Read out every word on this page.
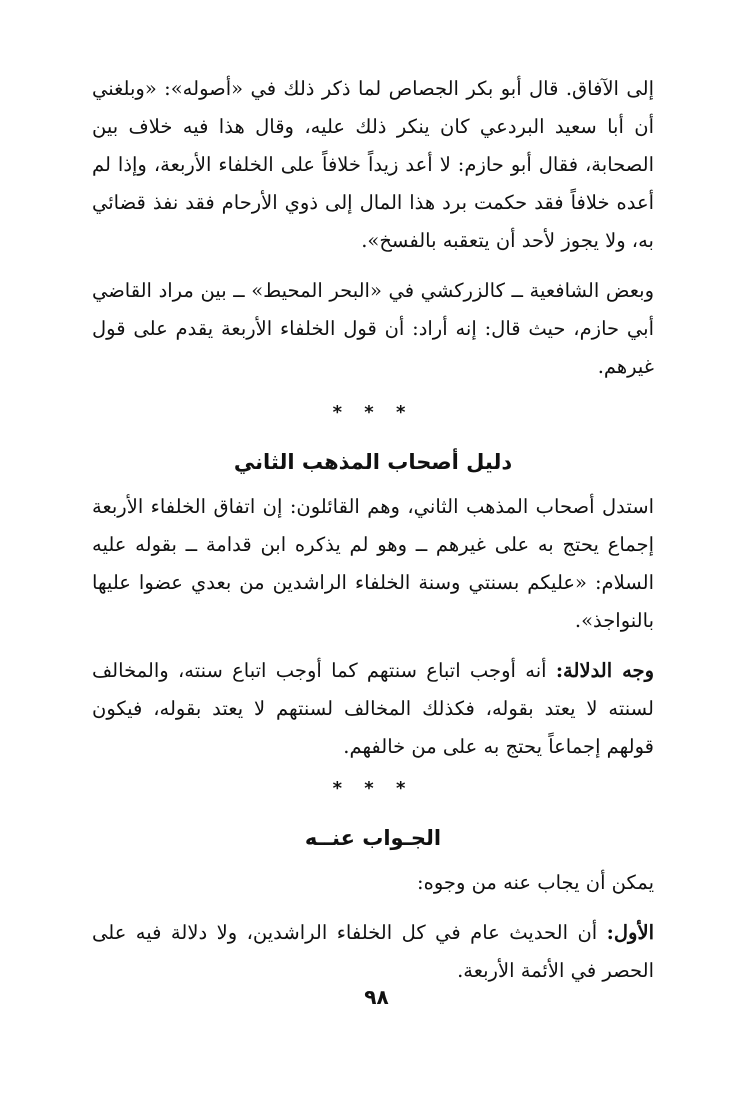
إلى الآفاق. قال أبو بكر الجصاص لما ذكر ذلك في «أصوله»: «وبلغني أن أبا سعيد البردعي كان ينكر ذلك عليه، وقال هذا فيه خلاف بين الصحابة، فقال أبو حازم: لا أعد زيداً خلافاً على الخلفاء الأربعة، وإذا لم أعده خلافاً فقد حكمت برد هذا المال إلى ذوي الأرحام فقد نفذ قضائي به، ولا يجوز لأحد أن يتعقبه بالفسخ».

وبعض الشافعية ــ كالزركشي في «البحر المحيط» ــ بين مراد القاضي أبي حازم، حيث قال: إنه أراد: أن قول الخلفاء الأربعة يقدم على قول غيرهم.

* * *
دليل أصحاب المذهب الثاني

استدل أصحاب المذهب الثاني، وهم القائلون: إن اتفاق الخلفاء الأربعة إجماع يحتج به على غيرهم ــ وهو لم يذكره ابن قدامة ــ بقوله عليه السلام: «عليكم بسنتي وسنة الخلفاء الراشدين من بعدي عضوا عليها بالنواجذ».

وجه الدلالة: أنه أوجب اتباع سنتهم كما أوجب اتباع سنته، والمخالف لسنته لا يعتد بقوله، فكذلك المخالف لسنتهم لا يعتد بقوله، فيكون قولهم إجماعاً يحتج به على من خالفهم.

* * *
الجـواب عنــه

يمكن أن يجاب عنه من وجوه:

الأول: أن الحديث عام في كل الخلفاء الراشدين، ولا دلالة فيه على الحصر في الأئمة الأربعة.

٩٨
